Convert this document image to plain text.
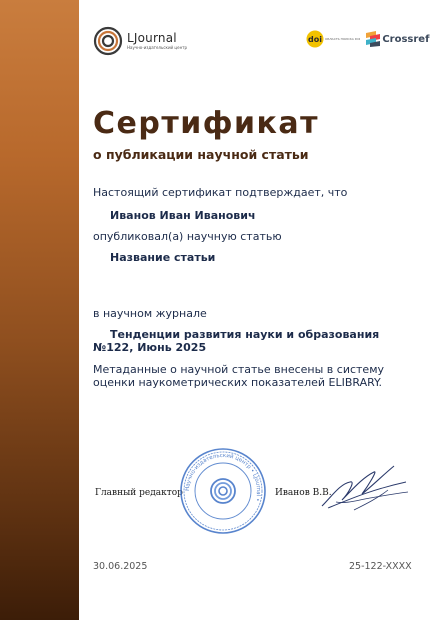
LJournal
Научно-издательский центр
doi ОБЛАСТЬ ПОИСКА DOI Crossref
Сертификат
о публикации научной статьи
Настоящий сертификат подтверждает, что
Иванов Иван Иванович
опубликовал(а) научную статью
Название статьи
в научном журнале
Тенденции развития науки и образования
№122, Июнь 2025
Метаданные о научной статье внесены в систему
оценки наукометрических показателей ELIBRARY.
Главный редактор Научно-издательский центр • LJournal •
Иванов В.В.
30.06.2025	25-122-XXXX
